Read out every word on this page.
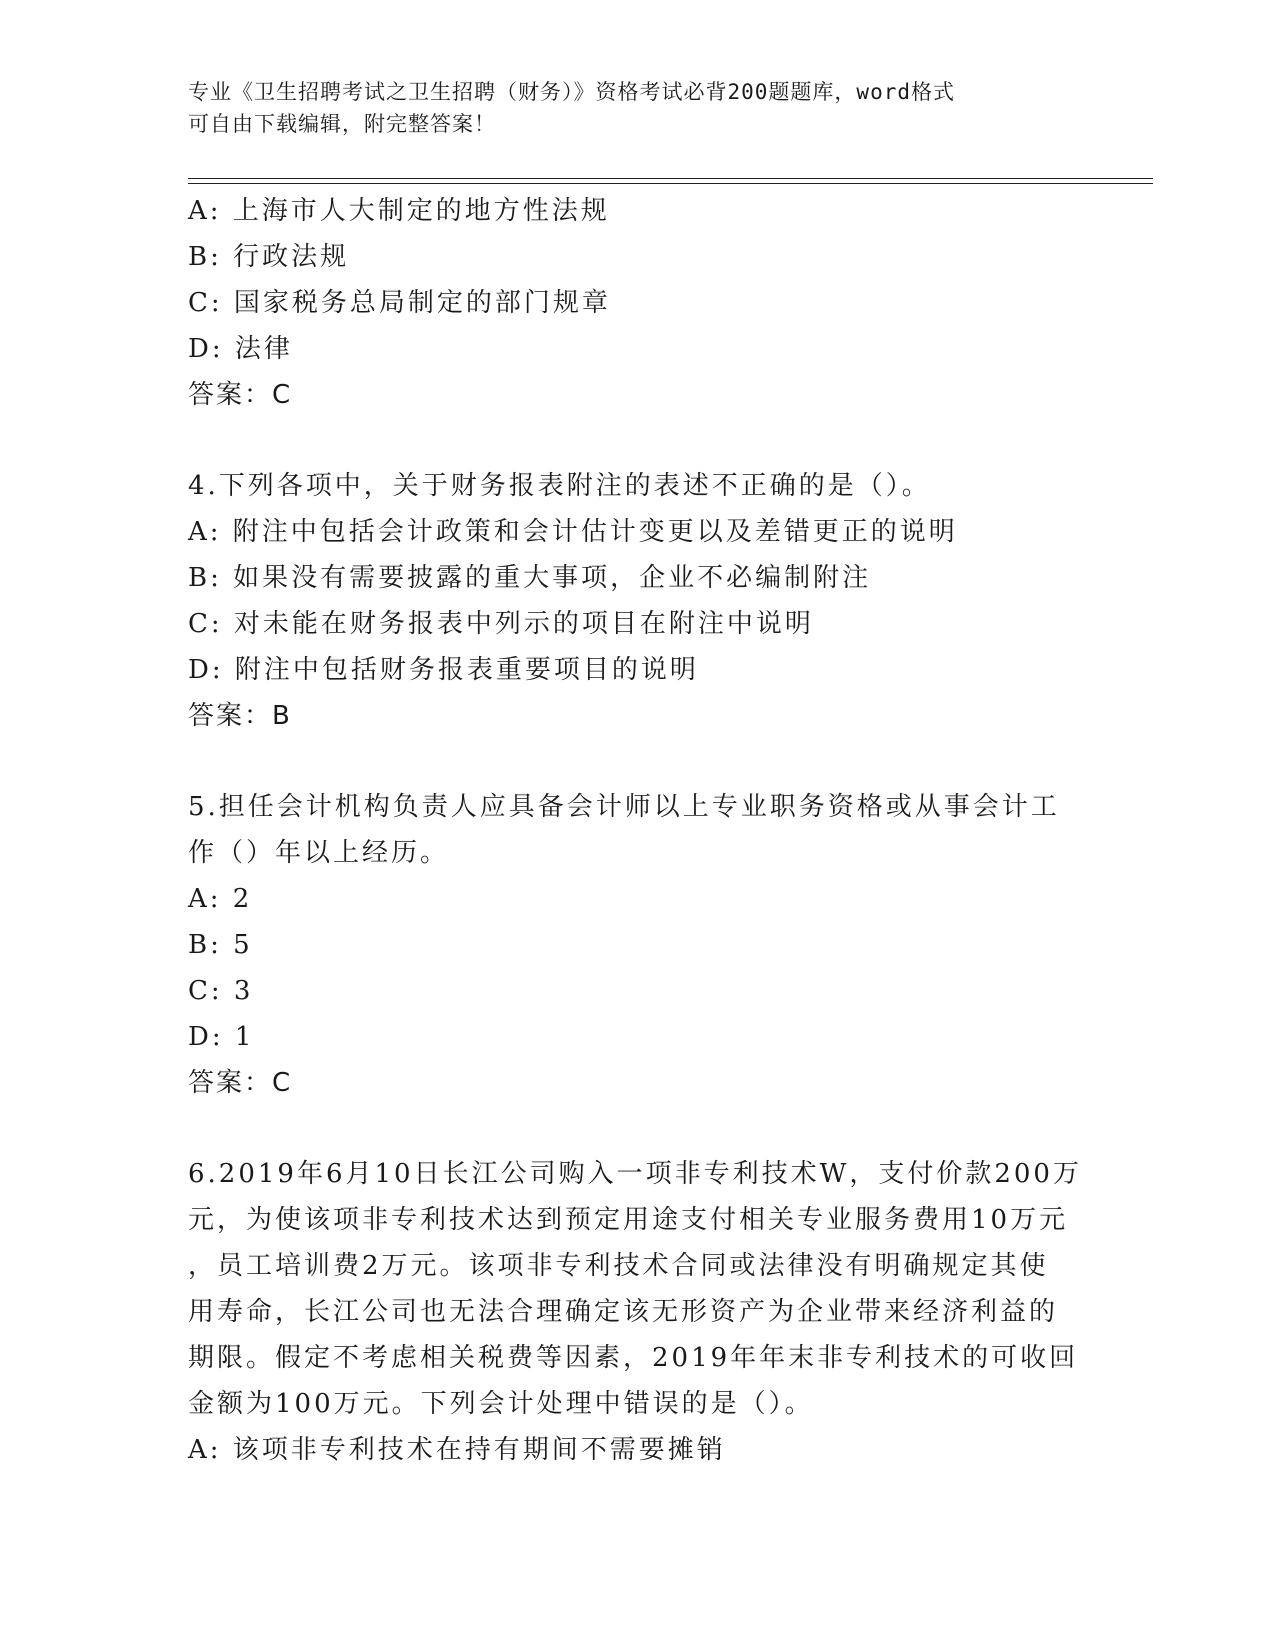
专业《卫生招聘考试之卫生招聘（财务）》资格考试必背200题题库，word格式
可自由下载编辑，附完整答案！
A: 上海市人大制定的地方性法规
B: 行政法规
C: 国家税务总局制定的部门规章
D: 法律
答案：C
4.下列各项中，关于财务报表附注的表述不正确的是（）。
A: 附注中包括会计政策和会计估计变更以及差错更正的说明
B: 如果没有需要披露的重大事项，企业不必编制附注
C: 对未能在财务报表中列示的项目在附注中说明
D: 附注中包括财务报表重要项目的说明
答案：B
5.担任会计机构负责人应具备会计师以上专业职务资格或从事会计工
作（）年以上经历。
A: 2
B: 5
C: 3
D: 1
答案：C
6.2019年6月10日长江公司购入一项非专利技术W，支付价款200万
元，为使该项非专利技术达到预定用途支付相关专业服务费用10万元
，员工培训费2万元。该项非专利技术合同或法律没有明确规定其使
用寿命，长江公司也无法合理确定该无形资产为企业带来经济利益的
期限。假定不考虑相关税费等因素，2019年年末非专利技术的可收回
金额为100万元。下列会计处理中错误的是（）。
A: 该项非专利技术在持有期间不需要摊销
